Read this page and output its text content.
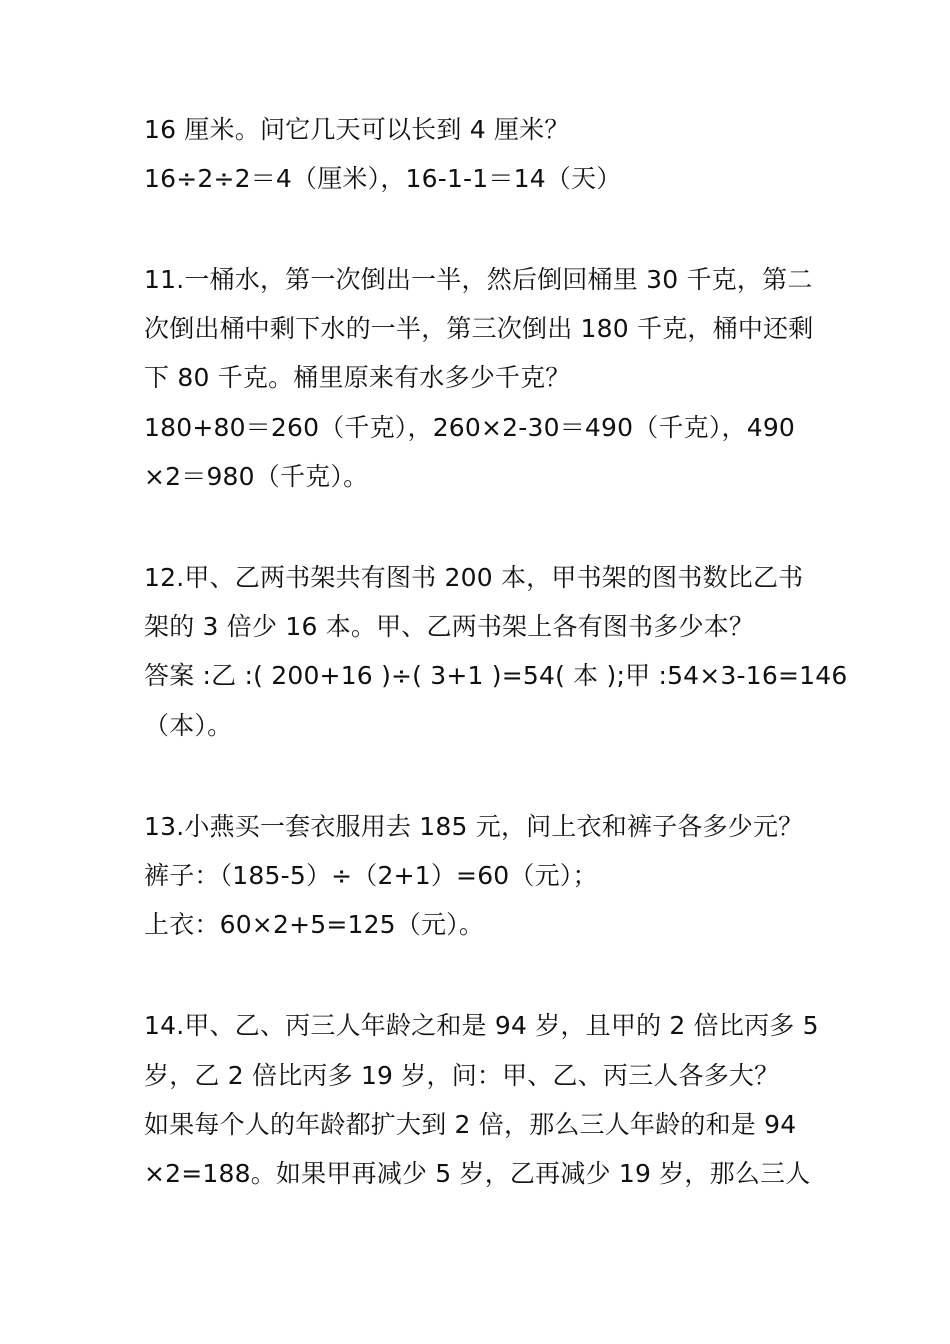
16 厘米。问它几天可以长到 4 厘米？
16÷2÷2＝4（厘米），16-1-1＝14（天）
11.一桶水，第一次倒出一半，然后倒回桶里 30 千克，第二
次倒出桶中剩下水的一半，第三次倒出 180 千克，桶中还剩
下 80 千克。桶里原来有水多少千克？
180+80＝260（千克），260×2-30＝490（千克），490
×2＝980（千克）。
12.甲、乙两书架共有图书 200 本，甲书架的图书数比乙书
架的 3 倍少 16 本。甲、乙两书架上各有图书多少本？
答案 :乙 :( 200+16 )÷( 3+1 )=54( 本 );甲 :54×3-16=146
（本）。
13.小燕买一套衣服用去 185 元，问上衣和裤子各多少元？
裤子：（185-5）÷（2+1）=60（元）；
上衣：60×2+5=125（元）。
14.甲、乙、丙三人年龄之和是 94 岁，且甲的 2 倍比丙多 5
岁，乙 2 倍比丙多 19 岁，问：甲、乙、丙三人各多大？
如果每个人的年龄都扩大到 2 倍，那么三人年龄的和是 94
×2=188。如果甲再减少 5 岁，乙再减少 19 岁，那么三人
